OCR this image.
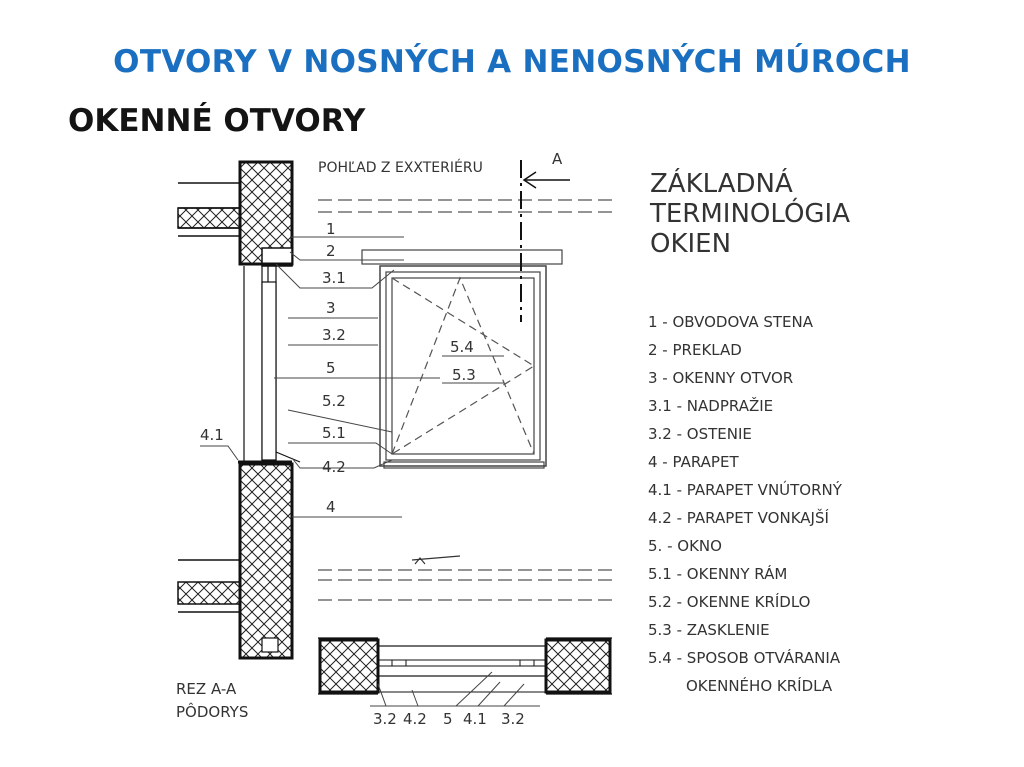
OTVORY V NOSNÝCH A NENOSNÝCH MÚROCH
OKENNÉ OTVORY
1
2
3.1
3
3.2
5
5.2
5.1
4.2
4
4.1
5.4
5.3
POHĽAD Z EXXTERIÉRU	A
3.2 4.2 5 4.1 3.2
REZ A-A
PÔDORYS
ZÁKLADNÁ
TERMINOLÓGIA
OKIEN
1 - OBVODOVA STENA
2 - PREKLAD
3 - OKENNY OTVOR
3.1 - NADPRAŽIE
3.2 - OSTENIE
4 - PARAPET
4.1 - PARAPET VNÚTORNÝ
4.2 - PARAPET VONKAJŠÍ
5. - OKNO
5.1 - OKENNY RÁM
5.2 - OKENNE KRÍDLO
5.3 - ZASKLENIE
5.4 - SPOSOB OTVÁRANIA
OKENNÉHO KRÍDLA
